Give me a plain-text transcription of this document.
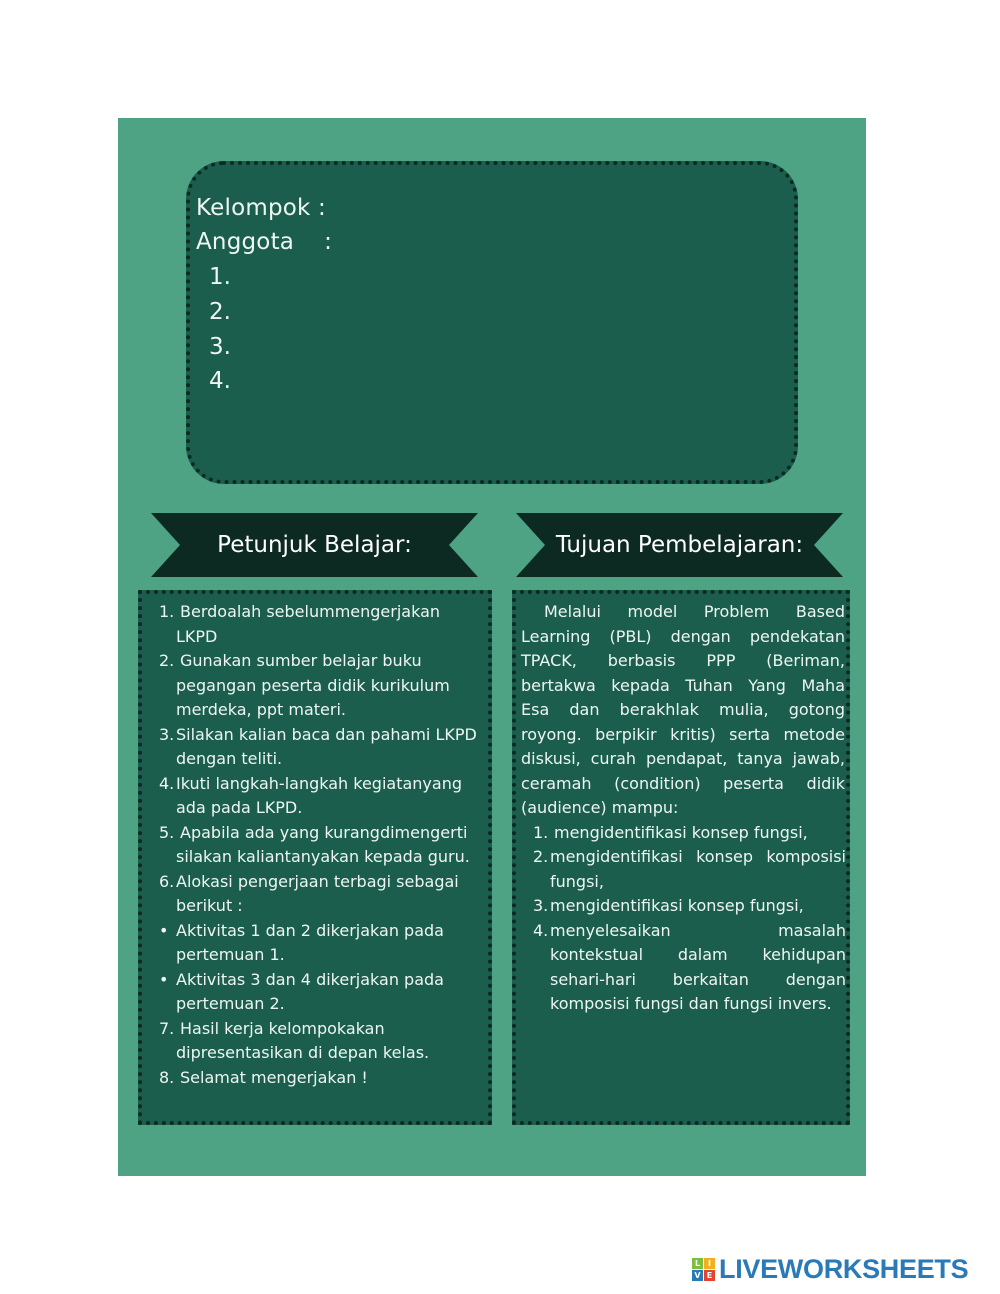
Kelompok :
Anggota    :
1.
2.
3.
4.
Petunjuk Belajar:	Tujuan Pembelajaran:
1. Berdoalah sebelummengerjakan
LKPD
2. Gunakan sumber belajar buku
pegangan peserta didik kurikulum
merdeka, ppt materi.
3. Silakan kalian baca dan pahami LKPD
dengan teliti.
4. Ikuti langkah-langkah kegiatanyang
ada pada LKPD.
5. Apabila ada yang kurangdimengerti
silakan kaliantanyakan kepada guru.
6. Alokasi pengerjaan terbagi sebagai
berikut :
• Aktivitas 1 dan 2 dikerjakan pada
pertemuan 1.
• Aktivitas 3 dan 4 dikerjakan pada
pertemuan 2.
7. Hasil kerja kelompokakan
dipresentasikan di depan kelas.
8. Selamat mengerjakan !
Melalui model Problem Based
Learning (PBL) dengan pendekatan
TPACK, berbasis PPP (Beriman,
bertakwa kepada Tuhan Yang Maha
Esa dan berakhlak mulia, gotong
royong. berpikir kritis) serta metode
diskusi, curah pendapat, tanya jawab,
ceramah (condition) peserta didik
(audience) mampu:
1. mengidentifikasi konsep fungsi,
2. mengidentifikasi konsep komposisi
fungsi,
3. mengidentifikasi konsep fungsi,
4. menyelesaikan masalah
kontekstual dalam kehidupan
sehari-hari berkaitan dengan
komposisi fungsi dan fungsi invers.
L I
V E LIVEWORKSHEETS
